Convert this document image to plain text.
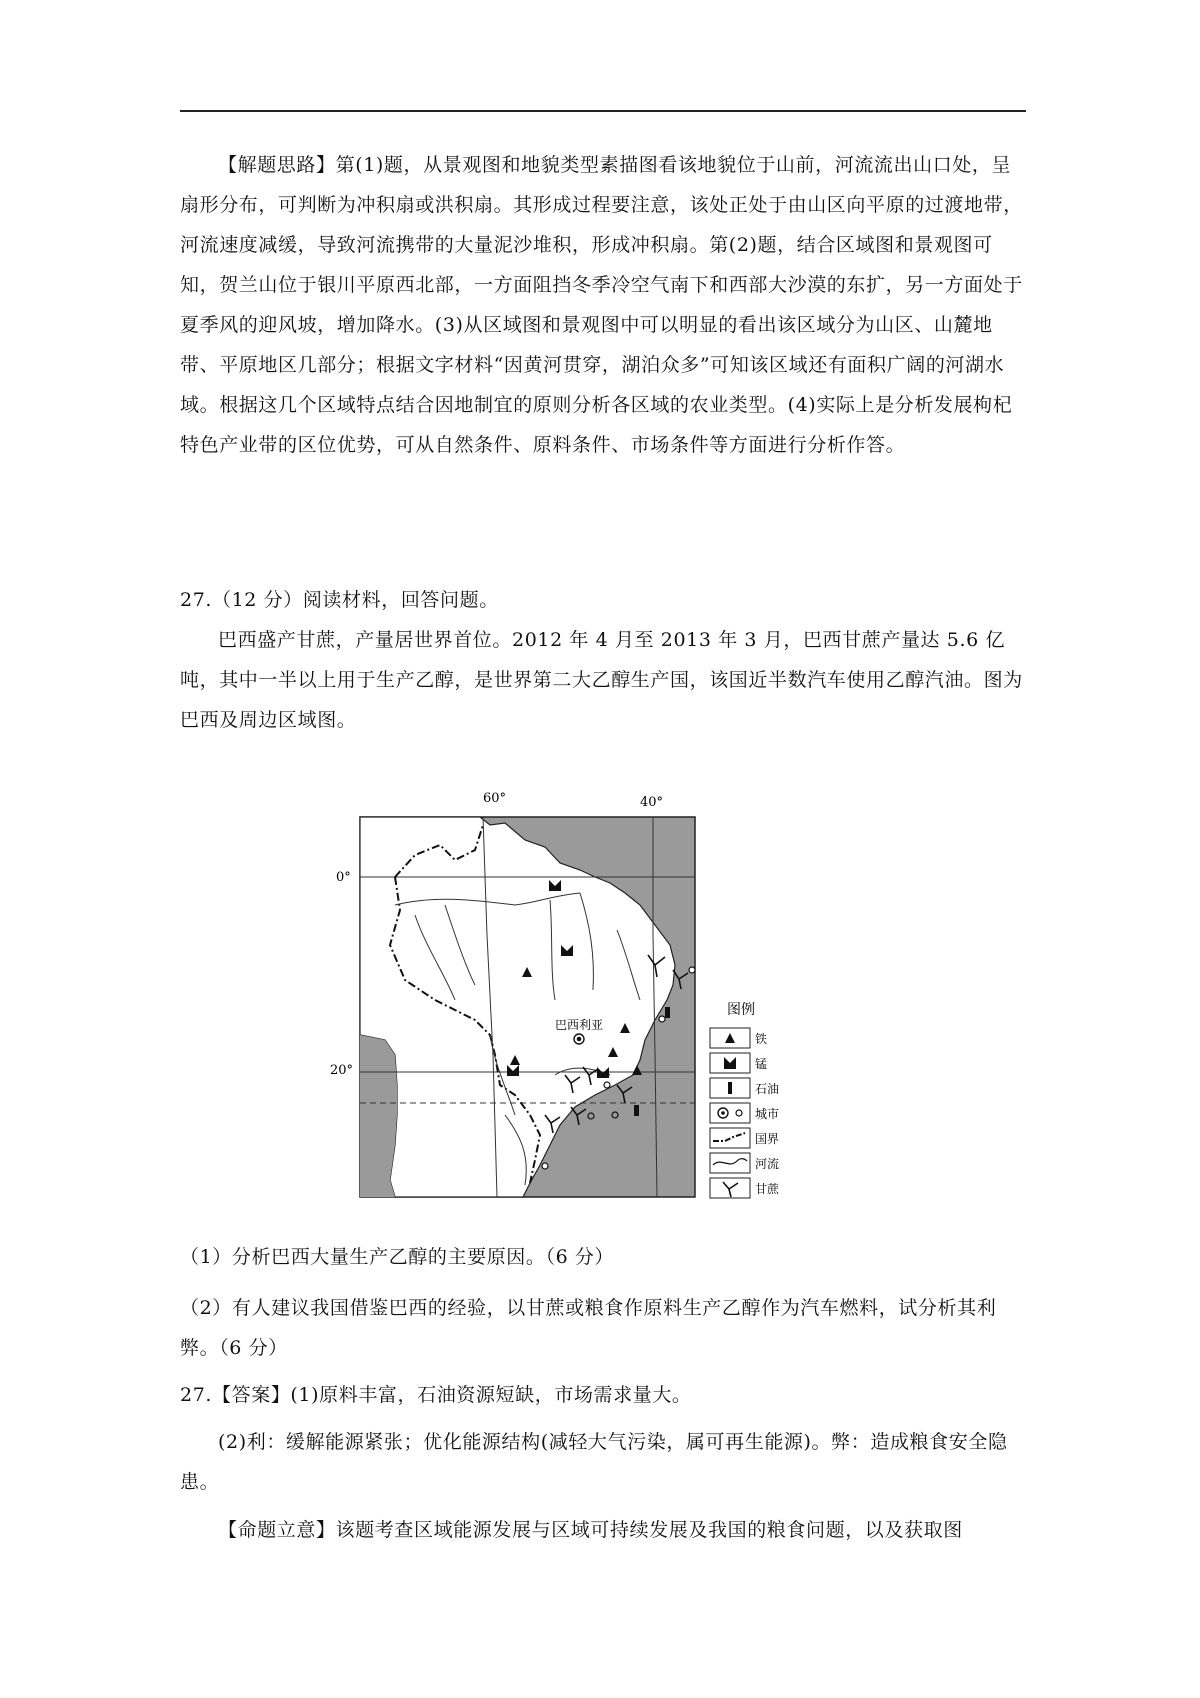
【解题思路】第(1)题，从景观图和地貌类型素描图看该地貌位于山前，河流流出山口处，呈扇形分布，可判断为冲积扇或洪积扇。其形成过程要注意，该处正处于由山区向平原的过渡地带，河流速度减缓，导致河流携带的大量泥沙堆积，形成冲积扇。第(2)题，结合区域图和景观图可知，贺兰山位于银川平原西北部，一方面阻挡冬季冷空气南下和西部大沙漠的东扩，另一方面处于夏季风的迎风坡，增加降水。(3)从区域图和景观图中可以明显的看出该区域分为山区、山麓地带、平原地区几部分；根据文字材料“因黄河贯穿，湖泊众多”可知该区域还有面积广阔的河湖水域。根据这几个区域特点结合因地制宜的原则分析各区域的农业类型。(4)实际上是分析发展枸杞特色产业带的区位优势，可从自然条件、原料条件、市场条件等方面进行分析作答。

27.（12 分）阅读材料，回答问题。

巴西盛产甘蔗，产量居世界首位。2012 年 4 月至 2013 年 3 月，巴西甘蔗产量达 5.6 亿吨，其中一半以上用于生产乙醇，是世界第二大乙醇生产国，该国近半数汽车使用乙醇汽油。图为巴西及周边区域图。

60°	40°
0°
20°
巴西利亚
图例
铁
锰
石油
城市
国界
河流
甘蔗

（1）分析巴西大量生产乙醇的主要原因。（6 分）

（2）有人建议我国借鉴巴西的经验，以甘蔗或粮食作原料生产乙醇作为汽车燃料，试分析其利弊。（6 分）

27.【答案】(1)原料丰富，石油资源短缺，市场需求量大。

(2)利：缓解能源紧张；优化能源结构(减轻大气污染，属可再生能源)。弊：造成粮食安全隐患。

【命题立意】该题考查区域能源发展与区域可持续发展及我国的粮食问题，以及获取图
